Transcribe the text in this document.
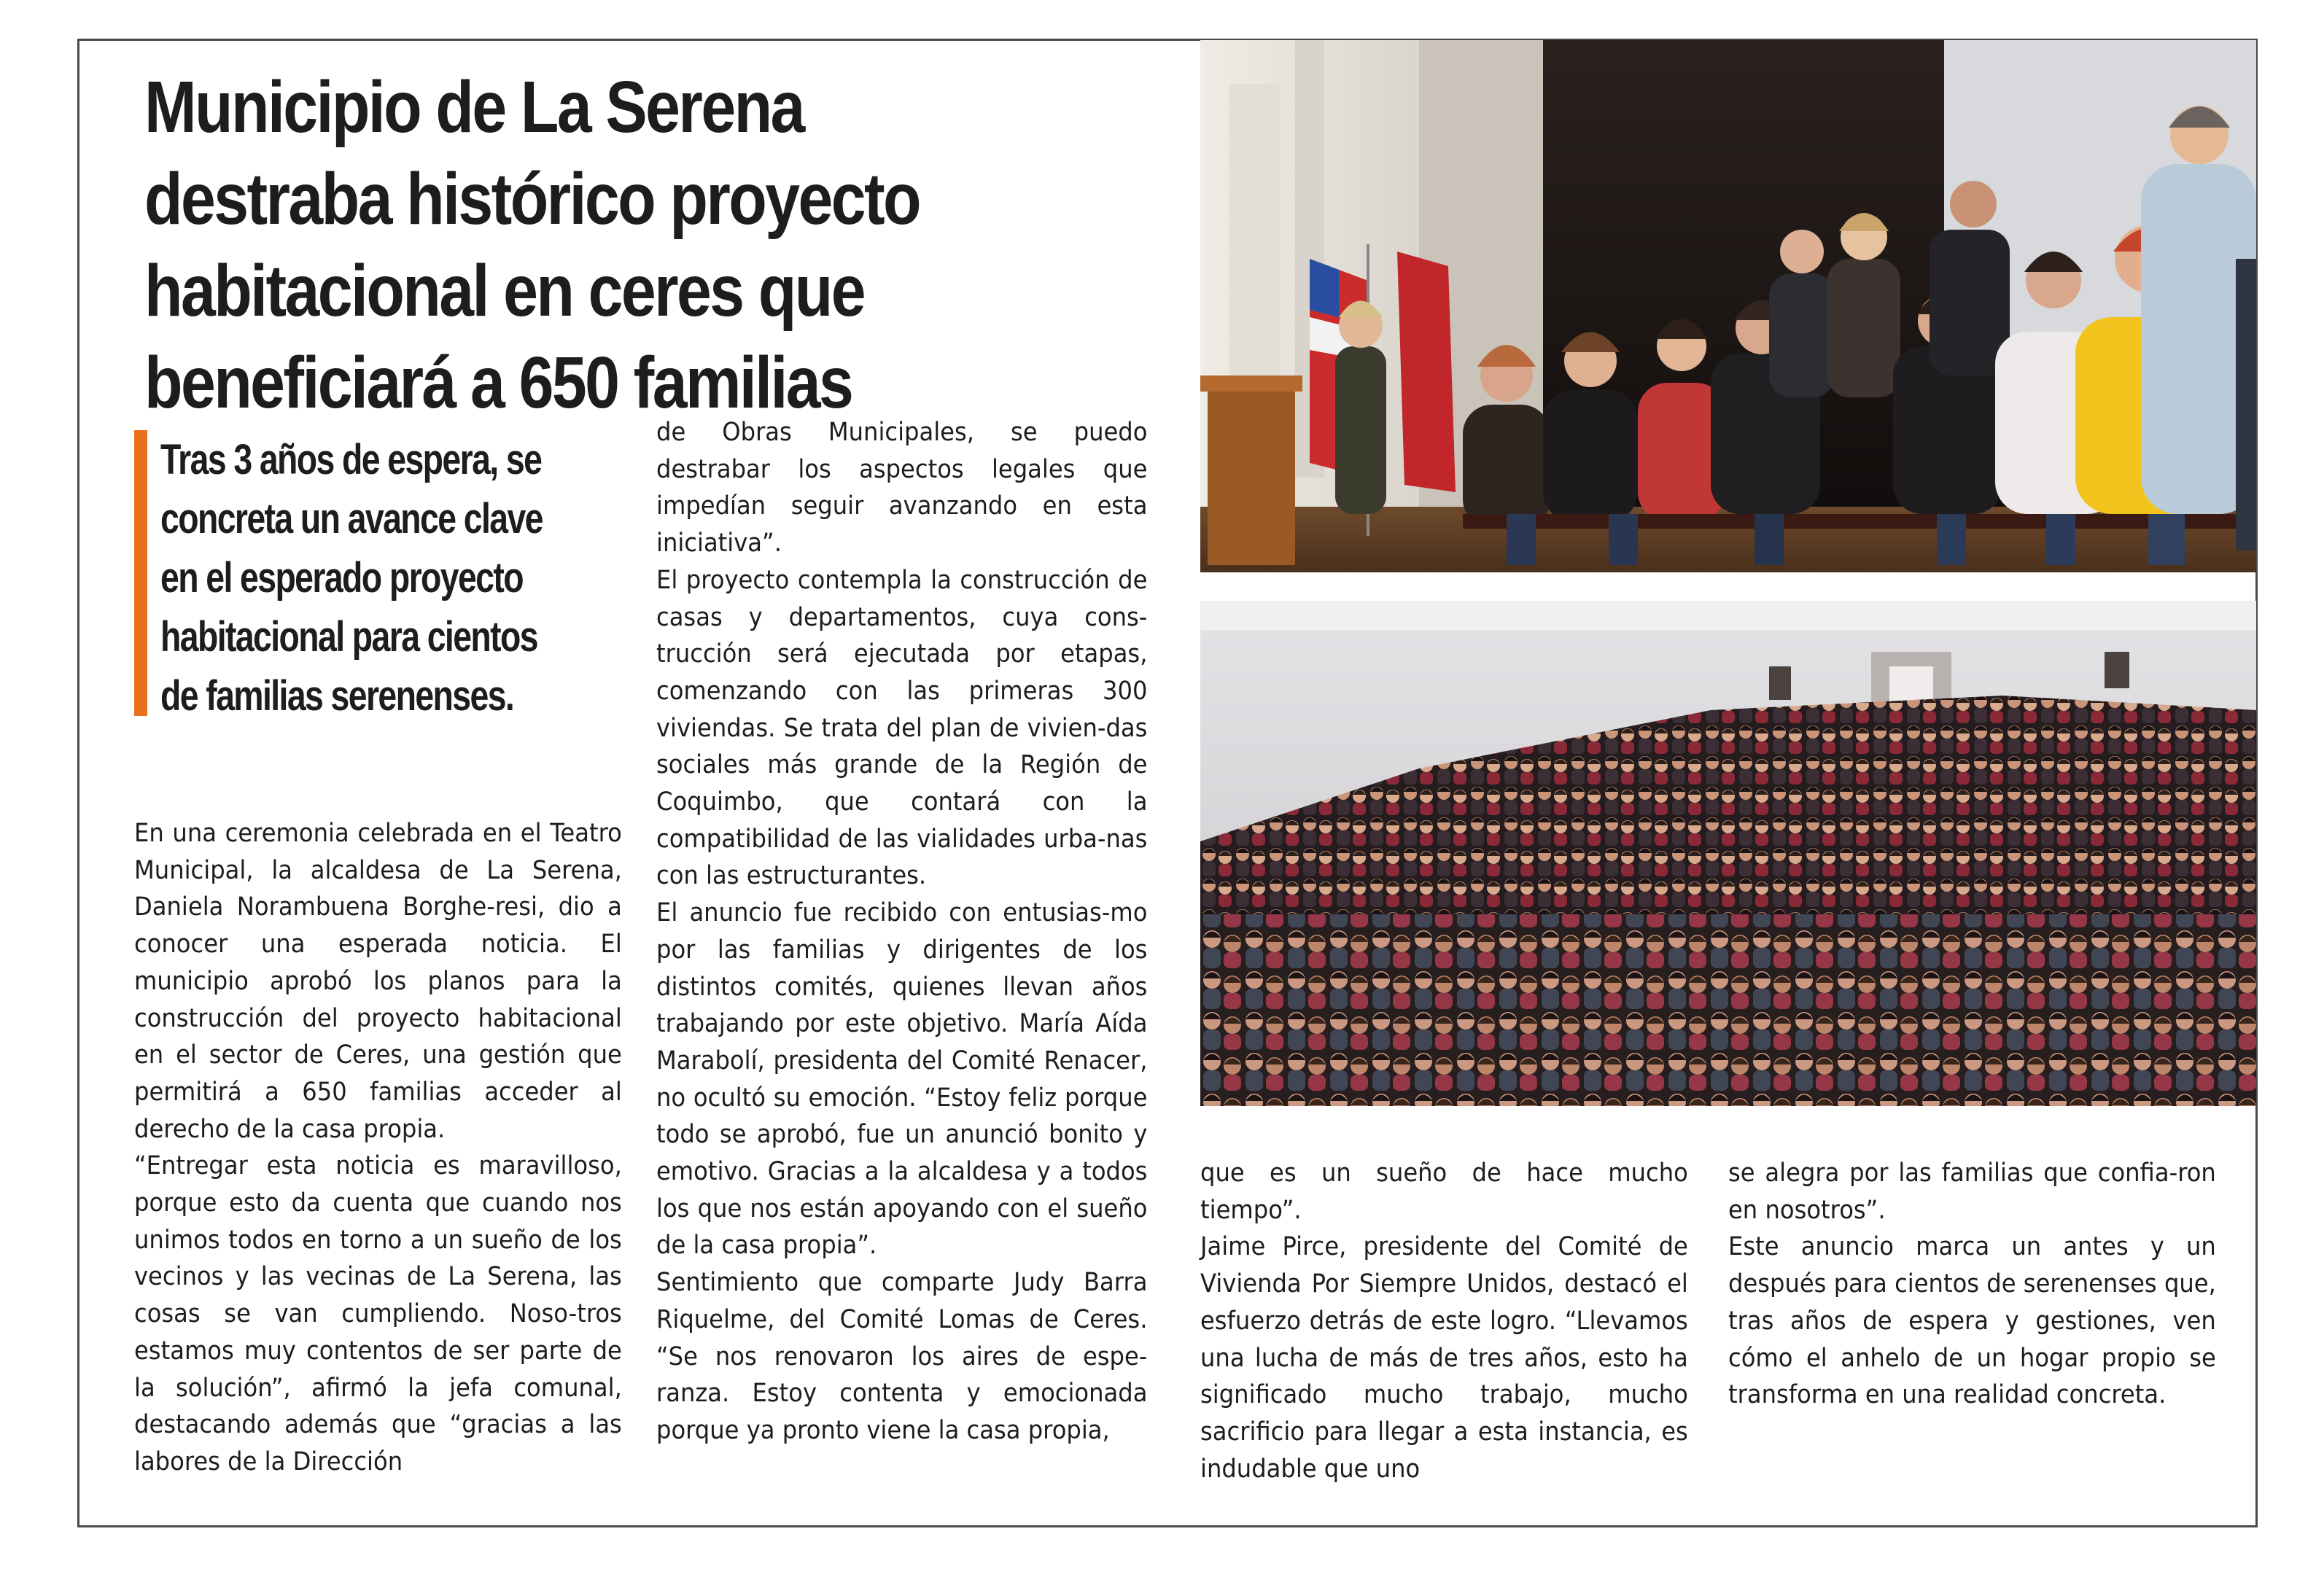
Municipio de La Serena destraba histórico proyecto habitacional en ceres que beneficiará a 650 familias

Tras 3 años de espera, se concreta un avance clave en el esperado proyecto habitacional para cientos de familias serenenses.

En una ceremonia celebrada en el Teatro Municipal, la alcaldesa de La Serena, Daniela Norambuena Borghe-resi, dio a conocer una esperada noticia. El municipio aprobó los planos para la construcción del proyecto habitacional en el sector de Ceres, una gestión que permitirá a 650 familias acceder al derecho de la casa propia.

“Entregar esta noticia es maravilloso, porque esto da cuenta que cuando nos unimos todos en torno a un sueño de los vecinos y las vecinas de La Serena, las cosas se van cumpliendo. Noso-tros estamos muy contentos de ser parte de la solución”, afirmó la jefa comunal, destacando además que “gracias a las labores de la Dirección

de Obras Municipales, se puedo destrabar los aspectos legales que impedían seguir avanzando en esta iniciativa”.

El proyecto contempla la construcción de casas y departamentos, cuya cons-trucción será ejecutada por etapas, comenzando con las primeras 300 viviendas. Se trata del plan de vivien-das sociales más grande de la Región de Coquimbo, que contará con la compatibilidad de las vialidades urba-nas con las estructurantes.

El anuncio fue recibido con entusias-mo por las familias y dirigentes de los distintos comités, quienes llevan años trabajando por este objetivo. María Aída Marabolí, presidenta del Comité Renacer, no ocultó su emoción. “Estoy feliz porque todo se aprobó, fue un anunció bonito y emotivo. Gracias a la alcaldesa y a todos los que nos están apoyando con el sueño de la casa propia”.

Sentimiento que comparte Judy Barra Riquelme, del Comité Lomas de Ceres. “Se nos renovaron los aires de espe-ranza. Estoy contenta y emocionada porque ya pronto viene la casa propia,

que es un sueño de hace mucho tiempo”.

Jaime Pirce, presidente del Comité de Vivienda Por Siempre Unidos, destacó el esfuerzo detrás de este logro. “Llevamos una lucha de más de tres años, esto ha significado mucho trabajo, mucho sacrificio para llegar a esta instancia, es indudable que uno

se alegra por las familias que confia-ron en nosotros”.

Este anuncio marca un antes y un después para cientos de serenenses que, tras años de espera y gestiones, ven cómo el anhelo de un hogar propio se transforma en una realidad concreta.
